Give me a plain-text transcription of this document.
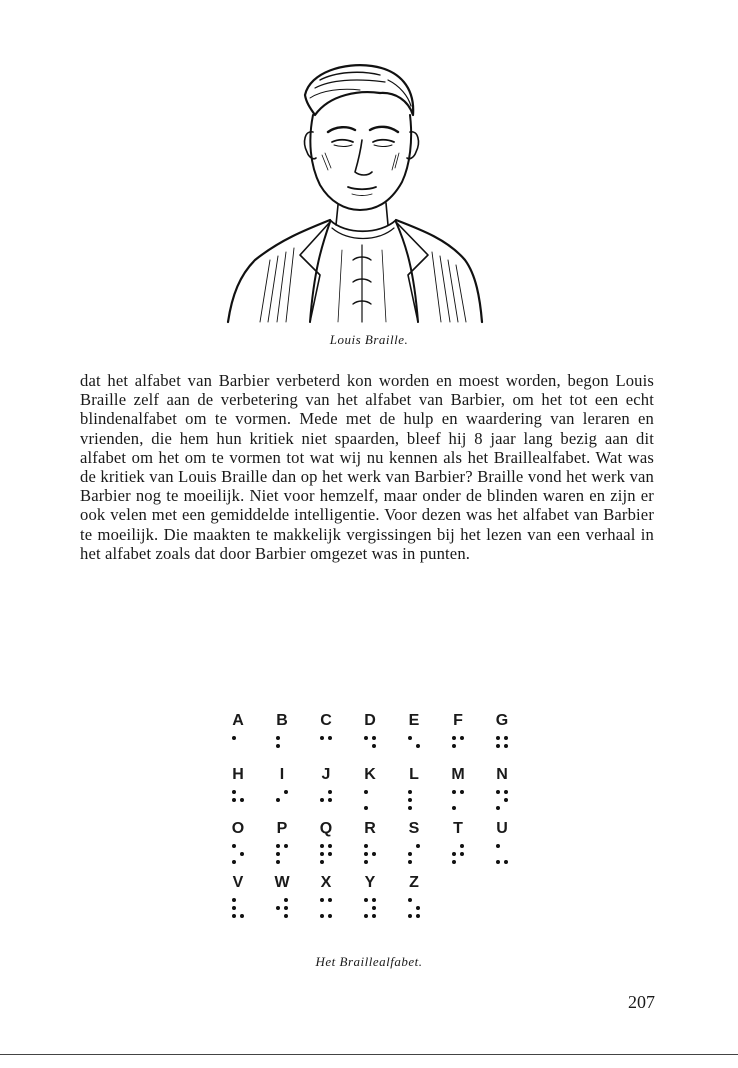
Louis Braille.

dat het alfabet van Barbier verbeterd kon worden en moest worden, begon Louis Braille zelf aan de verbetering van het alfabet van Barbier, om het tot een echt blindenalfabet om te vormen. Mede met de hulp en waardering van leraren en vrienden, die hem hun kritiek niet spaarden, bleef hij 8 jaar lang bezig aan dit alfabet om het om te vormen tot wat wij nu kennen als het Braillealfabet. Wat was de kritiek van Louis Braille dan op het werk van Barbier? Braille vond het werk van Barbier nog te moeilijk. Niet voor hemzelf, maar onder de blinden waren en zijn er ook velen met een gemiddelde intelligentie. Voor dezen was het alfabet van Barbier te moeilijk. Die maakten te makkelijk vergissingen bij het lezen van een verhaal in het alfabet zoals dat door Barbier omgezet was in punten.

A B C D E	F	G
H	I	J	K	L	M N
O P Q R S	T	U
V W X Y	Z
Het Braillealfabet.
207
